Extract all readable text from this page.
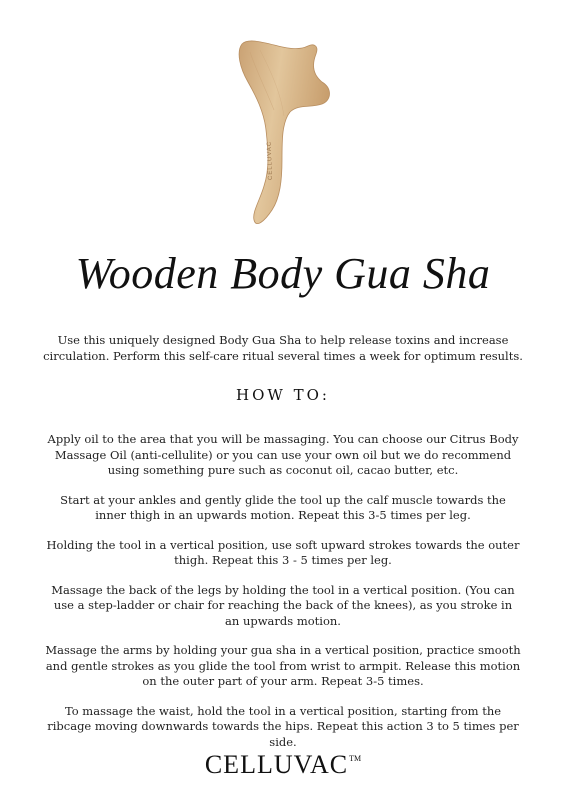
CELLUVAC
Wooden Body Gua Sha

Use this uniquely designed Body Gua Sha to help release toxins and increase circulation. Perform this self-care ritual several times a week for optimum results.

HOW TO:
Apply oil to the area that you will be massaging. You can choose our Citrus Body Massage Oil (anti-cellulite) or you can use your own oil but we do recommend using something pure such as coconut oil, cacao butter, etc.
Start at your ankles and gently glide the tool up the calf muscle towards the inner thigh in an upwards motion. Repeat this 3-5 times per leg.
Holding the tool in a vertical position, use soft upward strokes towards the outer thigh. Repeat this 3 - 5 times per leg.
Massage the back of the legs by holding the tool in a vertical position. (You can use a step-ladder or chair for reaching the back of the knees), as you stroke in an upwards motion.
Massage the arms by holding your gua sha in a vertical position, practice smooth and gentle strokes as you glide the tool from wrist to armpit. Release this motion on the outer part of your arm. Repeat 3-5 times.
To massage the waist, hold the tool in a vertical position, starting from the ribcage moving downwards towards the hips. Repeat this action 3 to 5 times per side.
CELLUVAC™
